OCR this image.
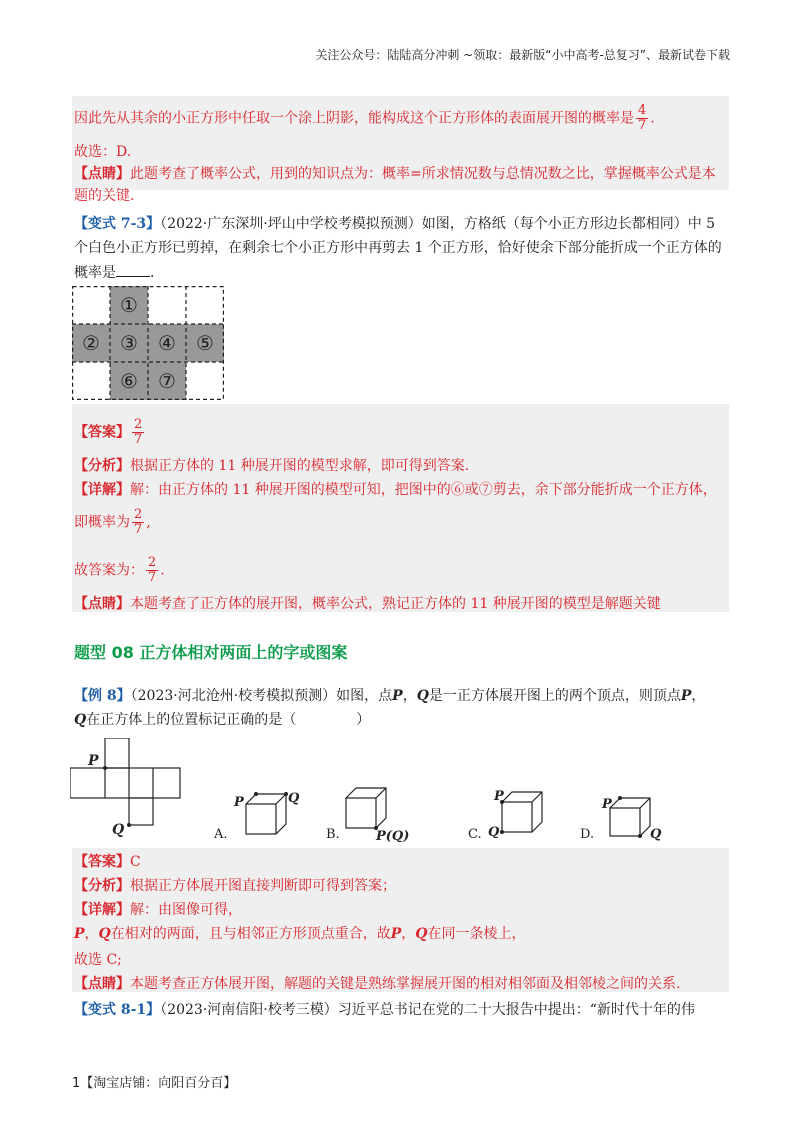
关注公众号：陆陆高分冲刺 ~领取：最新版“小中高考-总复习”、最新试卷下载
因此先从其余的小正方形中任取一个涂上阴影，能构成这个正方形体的表面展开图的概率是 $\frac{4}{7}$ .
故选：D.
【点睛】此题考查了概率公式，用到的知识点为：概率=所求情况数与总情况数之比，掌握概率公式是本
题的关键.
【变式 7-3】（2022·广东深圳·坪山中学校考模拟预测）如图，方格纸（每个小正方形边长都相同）中 5
个白色小正方形已剪掉，在剩余七个小正方形中再剪去 1 个正方形，恰好使余下部分能折成一个正方体的
概率是 .
①
② ③ ④ ⑤
⑥ ⑦
【答案】 $\frac{2}{7}$
【分析】根据正方体的 11 种展开图的模型求解，即可得到答案.
【详解】解：由正方体的 11 种展开图的模型可知，把图中的⑥或⑦剪去，余下部分能折成一个正方体，
即概率为 $\frac{2}{7}$ ,
故答案为： $\frac{2}{7}$ .
【点睛】本题考查了正方体的展开图，概率公式，熟记正方体的 11 种展开图的模型是解题关键
题型 08 正方体相对两面上的字或图案
【例 8】（2023·河北沧州·校考模拟预测）如图，点P，Q是一正方体展开图上的两个顶点，则顶点P，
Q在正方体上的位置标记正确的是（	）
P
Q	A.
P	Q
B.	P(Q)	C.
P
Q	D.
P
Q
【答案】C
【分析】根据正方体展开图直接判断即可得到答案；
【详解】解：由图像可得，
P，Q在相对的两面，且与相邻正方形顶点重合，故P，Q在同一条棱上，
故选 C;
【点睛】本题考查正方体展开图，解题的关键是熟练掌握展开图的相对相邻面及相邻棱之间的关系.
【变式 8-1】（2023·河南信阳·校考三模）习近平总书记在党的二十大报告中提出：“新时代十年的伟
1【淘宝店铺：向阳百分百】
